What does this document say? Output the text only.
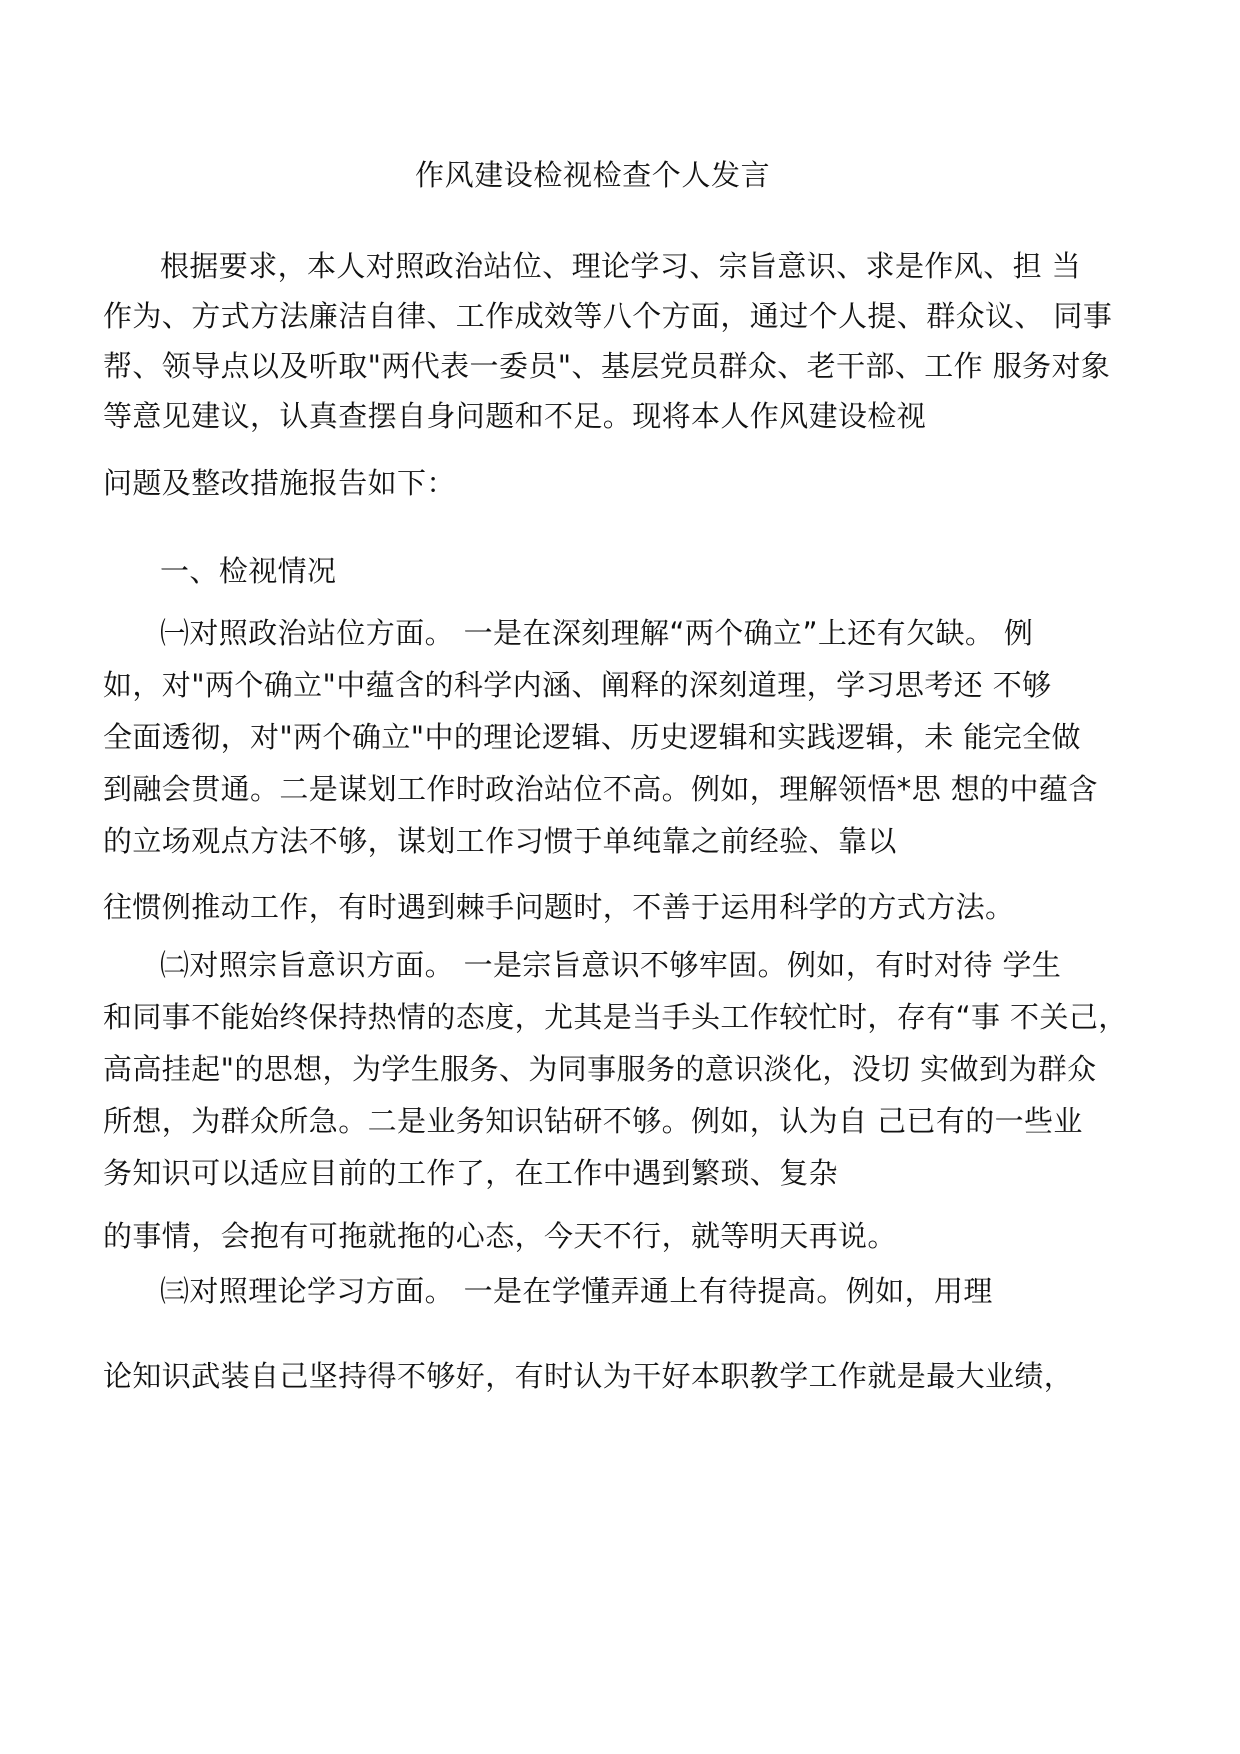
作风建设检视检查个人发言
根据要求，本人对照政治站位、理论学习、宗旨意识、求是作风、担 当
作为、方式方法廉洁自律、工作成效等八个方面，通过个人提、群众议、 同事
帮、领导点以及听取"两代表一委员"、基层党员群众、老干部、工作 服务对象
等意见建议，认真查摆自身问题和不足。现将本人作风建设检视
问题及整改措施报告如下：
一、检视情况
㈠对照政治站位方面。 一是在深刻理解“两个确立”上还有欠缺。 例
如，对"两个确立"中蕴含的科学内涵、阐释的深刻道理，学习思考还 不够
全面透彻，对"两个确立"中的理论逻辑、历史逻辑和实践逻辑，未 能完全做
到融会贯通。二是谋划工作时政治站位不高。例如，理解领悟*思 想的中蕴含
的立场观点方法不够，谋划工作习惯于单纯靠之前经验、靠以
往惯例推动工作，有时遇到棘手问题时，不善于运用科学的方式方法。
㈡对照宗旨意识方面。 一是宗旨意识不够牢固。例如，有时对待 学生
和同事不能始终保持热情的态度，尤其是当手头工作较忙时，存有“事 不关己，
高高挂起"的思想，为学生服务、为同事服务的意识淡化，没切 实做到为群众
所想，为群众所急。二是业务知识钻研不够。例如，认为自 己已有的一些业
务知识可以适应目前的工作了，在工作中遇到繁琐、复杂
的事情，会抱有可拖就拖的心态，今天不行，就等明天再说。
㈢对照理论学习方面。 一是在学懂弄通上有待提高。例如，用理
论知识武装自己坚持得不够好，有时认为干好本职教学工作就是最大业绩，
